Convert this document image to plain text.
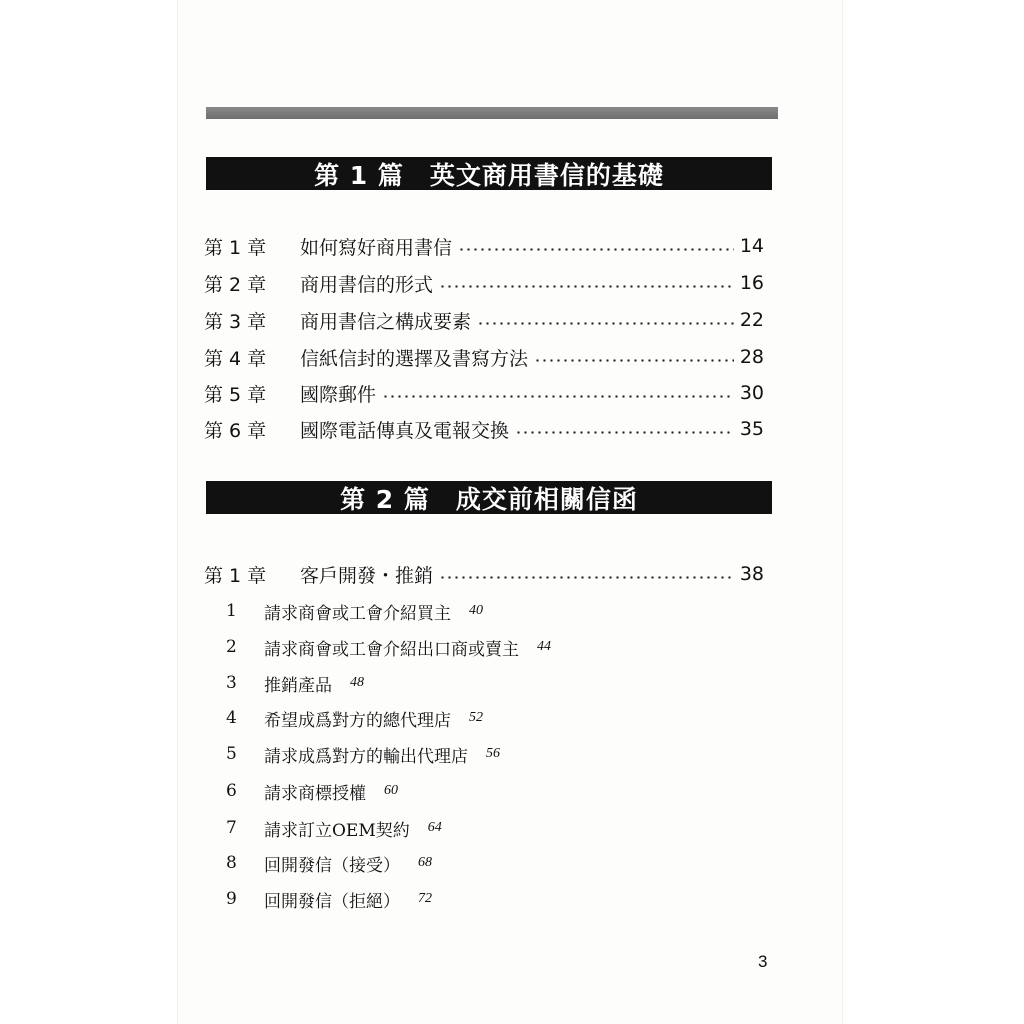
第 1 篇 英文商用書信的基礎
第 1 章	如何寫好商用書信	14
第 2 章	商用書信的形式	16
第 3 章	商用書信之構成要素	22
第 4 章	信紙信封的選擇及書寫方法	28
第 5 章	國際郵件	30
第 6 章	國際電話傳真及電報交換	35
第 2 篇 成交前相關信函
第 1 章	客戶開發・推銷	38
1	請求商會或工會介紹買主 40
2	請求商會或工會介紹出口商或賣主 44
3	推銷產品 48
4	希望成爲對方的總代理店 52
5	請求成爲對方的輸出代理店 56
6	請求商標授權 60
7	請求訂立OEM契約 64
8	回開發信（接受） 68
9	回開發信（拒絕） 72
3
